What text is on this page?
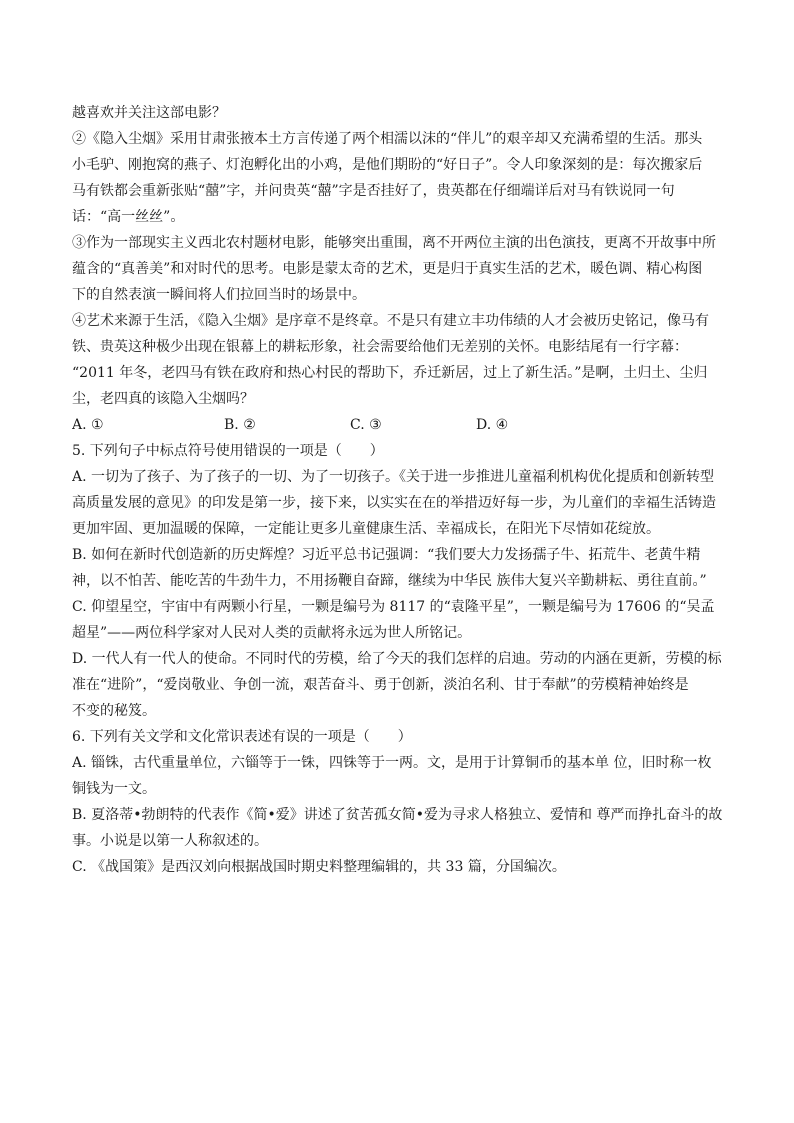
越喜欢并关注这部电影？

②《隐入尘烟》采用甘肃张掖本土方言传递了两个相濡以沫的“伴儿”的艰辛却又充满希望的生活。那头

小毛驴、刚抱窝的燕子、灯泡孵化出的小鸡，是他们期盼的“好日子”。令人印象深刻的是：每次搬家后

马有铁都会重新张贴“囍”字，并问贵英“囍”字是否挂好了，贵英都在仔细端详后对马有铁说同一句

话：“高一丝丝”。

③作为一部现实主义西北农村题材电影，能够突出重围，离不开两位主演的出色演技，更离不开故事中所

蕴含的“真善美”和对时代的思考。电影是蒙太奇的艺术，更是归于真实生活的艺术，暖色调、精心构图

下的自然表演一瞬间将人们拉回当时的场景中。

④艺术来源于生活，《隐入尘烟》是序章不是终章。不是只有建立丰功伟绩的人才会被历史铭记，像马有

铁、贵英这种极少出现在银幕上的耕耘形象，社会需要给他们无差别的关怀。电影结尾有一行字幕：

“2011 年冬，老四马有铁在政府和热心村民的帮助下，乔迁新居，过上了新生活。”是啊，土归土、尘归

尘，老四真的该隐入尘烟吗？

A. ①	B. ②	C. ③	D. ④

5. 下列句子中标点符号使用错误的一项是（　　）

A. 一切为了孩子、为了孩子的一切、为了一切孩子。《关于进一步推进儿童福利机构优化提质和创新转型

高质量发展的意见》的印发是第一步，接下来，以实实在在的举措迈好每一步，为儿童们的幸福生活铸造

更加牢固、更加温暖的保障，一定能让更多儿童健康生活、幸福成长，在阳光下尽情如花绽放。

B. 如何在新时代创造新的历史辉煌？习近平总书记强调：“我们要大力发扬孺子牛、拓荒牛、老黄牛精

神，以不怕苦、能吃苦的牛劲牛力，不用扬鞭自奋蹄，继续为中华民 族伟大复兴辛勤耕耘、勇往直前。”

C. 仰望星空，宇宙中有两颗小行星，一颗是编号为 8117 的“袁隆平星”，一颗是编号为 17606 的“吴孟

超星”——两位科学家对人民对人类的贡献将永远为世人所铭记。

D. 一代人有一代人的使命。不同时代的劳模，给了今天的我们怎样的启迪。劳动的内涵在更新，劳模的标

准在“进阶”，“爱岗敬业、争创一流，艰苦奋斗、勇于创新，淡泊名利、甘于奉献”的劳模精神始终是

不变的秘笈。

6. 下列有关文学和文化常识表述有误的一项是（　　）

A. 锱铢，古代重量单位，六锱等于一铢，四铢等于一两。文，是用于计算铜币的基本单 位，旧时称一枚

铜钱为一文。

B. 夏洛蒂•勃朗特的代表作《简•爱》讲述了贫苦孤女简•爱为寻求人格独立、爱情和 尊严而挣扎奋斗的故

事。小说是以第一人称叙述的。

C. 《战国策》是西汉刘向根据战国时期史料整理编辑的，共 33 篇，分国编次。
